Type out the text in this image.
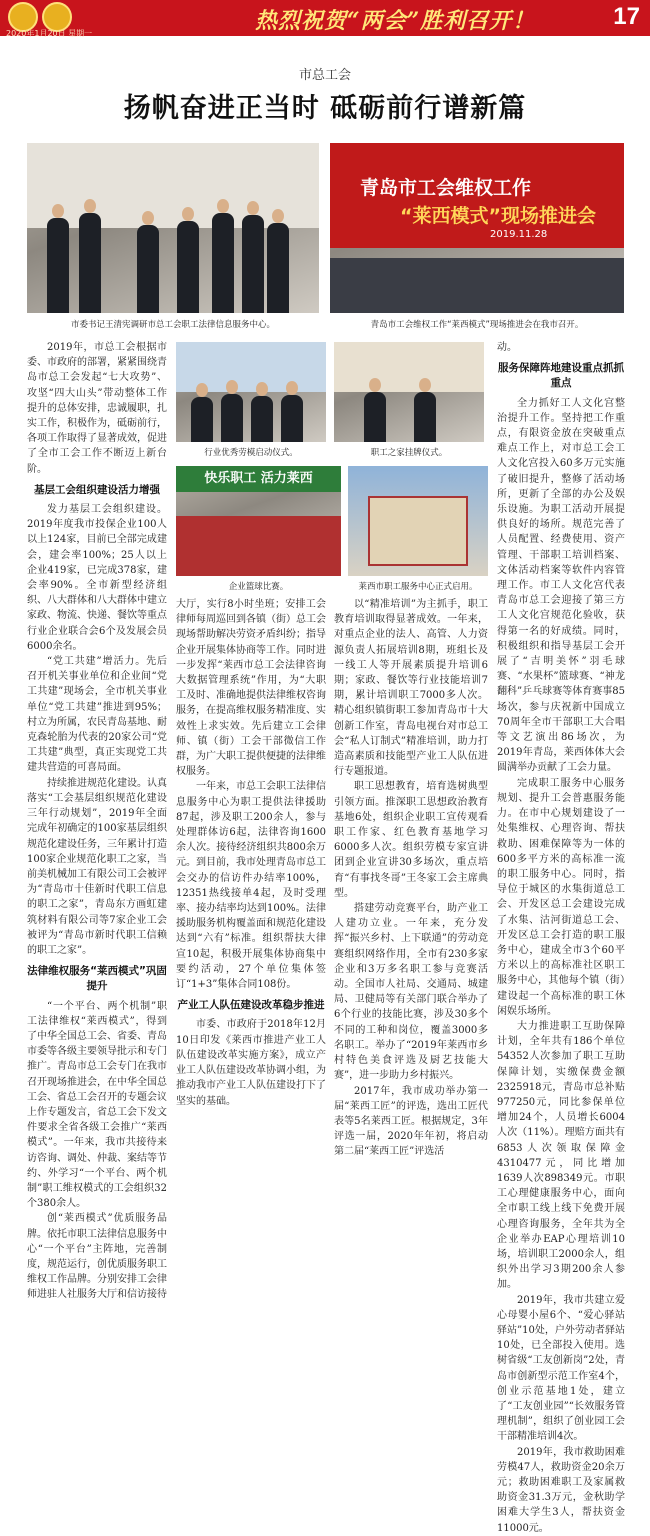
热烈祝贺“两会”胜利召开！
2020年1月20日 星期一
17
市总工会
扬帆奋进正当时 砥砺前行谱新篇
市委书记王清宪调研市总工会职工法律信息服务中心。
青岛市工会维权工作
“莱西模式”现场推进会
2019.11.28
青岛市工会维权工作“莱西模式”现场推进会在我市召开。

2019年，市总工会根据市委、市政府的部署，紧紧围绕青岛市总工会发起“七大攻势”、攻坚“四大山头”带动整体工作提升的总体安排，忠诚履职，扎实工作，积极作为，砥砺前行，各项工作取得了显著成效，促进了全市工会工作不断迈上新台阶。

基层工会组织建设活力增强

发力基层工会组织建设。2019年度我市投保企业100人以上124家，目前已全部完成建会，建会率100%；25人以上企业419家，已完成378家，建会率90%。全市新型经济组织、八大群体和八大群体中建立家政、物流、快递、餐饮等重点行业企业联合会6个及发展会员6000余名。

“党工共建”增活力。先后召开机关事业单位和企业间“党工共建”现场会，全市机关事业单位“党工共建”推进到95%；村立为所属，农民青岛基地、耐克森轮胎为代表的20家公司“党工共建”典型，真正实现党工共建共营造的可喜局面。

持续推进规范化建设。认真落实“工会基层组织规范化建设三年行动规划”，2019年全面完成年初确定的100家基层组织规范化建设任务，三年累计打造100家企业规范化职工之家，当前美机械加工有限公司工会被评为“青岛市十佳新时代职工信息的职工之家”，青岛东方画虹建筑材料有限公司等7家企业工会被评为“青岛市新时代职工信赖的职工之家”。

法律维权服务“莱西模式”巩固提升

“一个平台、两个机制”职工法律维权“莱西模式”，得到了中华全国总工会、省委、青岛市委等各级主要领导批示和专门推广。青岛市总工会专门在我市召开现场推进会，在中华全国总工会、省总工会召开的专题会议上作专题发言，省总工会下发文件要求全省各级工会推广“莱西模式”。一年来，我市共接待来访咨询、调处、仲裁、案结等节约、外学习“一个平台、两个机制”职工维权模式的工会组织32个380余人。

创“莱西模式”优质服务品牌。依托市职工法律信息服务中心“一个平台”主阵地，完善制度，规范运行，创优质服务职工维权工作品牌。分别安排工会律师进驻人社服务大厅和信访接待

行业优秀劳模启动仪式。	职工之家挂牌仪式。
快乐职工 活力莱西
企业篮球比赛。	莱西市职工服务中心正式启用。

大厅，实行8小时坐班；安排工会律师每周巡回到各镇（街）总工会现场帮助解决劳资矛盾纠纷；指导企业开展集体协商等工作。同时进一步发挥“莱西市总工会法律咨询大数据管理系统”作用，为“大职工及时、准确地提供法律维权咨询服务，在提高维权服务精准度、实效性上求实效。先后建立工会律师、镇（街）工会干部微信工作群，为广大职工提供便捷的法律维权服务。

一年来，市总工会职工法律信息服务中心为职工提供法律援助87起，涉及职工200余人，参与处理群体访6起，法律咨询1600余人次。接待经济组织共800余万元。到目前，我市处理青岛市总工会交办的信访件办结率100%，12351热线接单4起，及时受理率、接办结率均达到100%。法律援助服务机构覆盖面和规范化建设达到“六有”标准。组织帮扶大律宣10起，积极开展集体协商集中要约活动，27个单位集体签订“1+3”集体合同108份。

产业工人队伍建设改革稳步推进

市委、市政府于2018年12月10日印发《莱西市推进产业工人队伍建设改革实施方案》，成立产业工人队伍建设改革协调小组，为推动我市产业工人队伍建设打下了坚实的基础。

以“精准培训”为主抓手，职工教育培训取得显著成效。一年来，对重点企业的法人、高管、人力资源负责人拓展培训8期，班组长及一线工人等开展素质提升培训6期；家政、餐饮等行业技能培训7期，累计培训职工7000多人次。精心组织镇街职工参加青岛市十大创新工作室，青岛电视台对市总工会“私人订制式”精准培训，助力打造高素质和技能型产业工人队伍进行专题报道。

职工思想教育，培育选树典型引领方面。推深职工思想政治教育基地6处，组织企业职工宣传观看职工作家、红色教育基地学习6000多人次。组织劳模专家宣讲团到企业宣讲30多场次，重点培育“有事找冬哥”王冬家工会主席典型。

搭建劳动竞赛平台，助产业工人建功立业。一年来，充分发挥“振兴乡村、上下联通”的劳动竞赛组织网络作用，全市有230多家企业和3万多名职工参与竞赛活动。全国市人社局、交通局、城建局、卫健局等有关部门联合举办了6个行业的技能比赛，涉及30多个不同的工种和岗位，覆盖3000多名职工。举办了“2019年莱西市乡村特色美食评选及厨艺技能大赛”，进一步助力乡村振兴。

2017年，我市成功举办第一届“莱西工匠”的评选，选出工匠代表等5名莱西工匠。根据规定，3年评选一届，2020年年初，将启动第二届“莱西工匠”评选活

动。

服务保障阵地建设重点抓抓重点

全力抓好工人文化宫整治提升工作。坚持把工作重点，有限资金放在突破重点难点工作上，对市总工会工人文化宫投入60多万元实施了破旧提升，整修了活动场所，更新了全部的办公及娱乐设施。为职工活动开展提供良好的场所。规范完善了人员配置、经费使用、资产管理、干部职工培训档案、文体活动档案等软件内容管理工作。市工人文化宫代表青岛市总工会迎接了第三方工人文化宫规范化验收，获得第一名的好成绩。同时，积极组织和指导基层工会开展了“吉明美怀”羽毛球赛、“水果杯”篮球赛、“神龙翻科”乒乓球赛等体育赛事85场次，参与庆祝新中国成立70周年全市干部职工大合唱等文艺演出86场次，为2019年青岛，莱西体体大会圆满举办贡献了工会力量。

完成职工服务中心服务规划、提升工会普惠服务能力。在市中心规划建设了一处集维权、心理咨询、帮扶救助、困难保障等为一体的600多平方米的高标准一流的职工服务中心。同时，指导位于城区的水集街道总工会、开发区总工会建设完成了水集、沽河街道总工会、开发区总工会打造的职工服务中心，建成全市3个60平方米以上的高标准社区职工服务中心，其他每个镇（街）建设起一个高标准的职工休闲娱乐场所。

大力推进职工互助保障计划，全年共有186个单位54352人次参加了职工互助保障计划，实缴保费金额2325918元，青岛市总补贴977250元，同比参保单位增加24个，人员增长6004人次（11%）。理赔方面共有6853人次领取保障金4310477元，同比增加1639人次898349元。市职工心理健康服务中心，面向全市职工线上线下免费开展心理咨询服务，全年共为全企业举办EAP心理培训10场，培训职工2000余人，组织外出学习3期200余人参加。

2019年，我市共建立爱心母婴小屋6个、“爱心驿站驿站”10处，户外劳动者驿站10处，已全部投入使用。选树省级“工友创新岗”2处，青岛市创新型示范工作室4个，创业示范基地1处，建立了“工友创业园”“长效服务管理机制”，组织了创业园工会干部精准培训4次。

2019年，我市救助困难劳模47人，救助资金20余万元；救助困难职工及家属救助资金31.3万元，金秋助学困难大学生3人，帮扶资金11000元。
